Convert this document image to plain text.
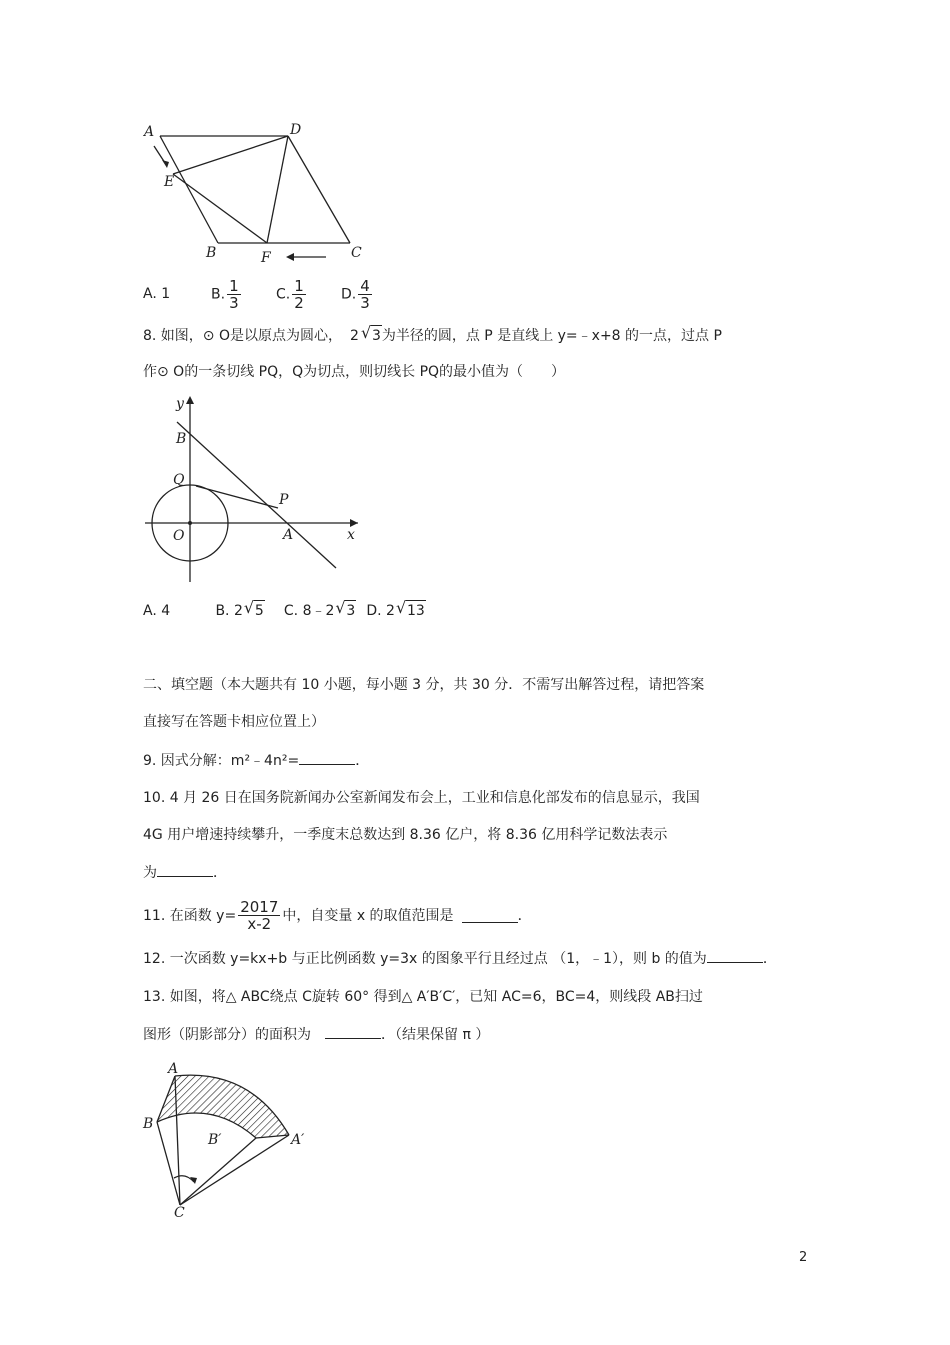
A	D
E
B	F	C
A. 1	B. $\frac{1}{3}$	C. $\frac{1}{2}$	D. $\frac{4}{3}$
8. 如图，⊙ O是以原点为圆心， 2 √ 3为半径的圆，点 P 是直线上 y=﹣x+8 的一点，过点 P
作⊙ O的一条切线 PQ，Q为切点，则切线长 PQ的最小值为（　　）
y
B
Q
P
O	A	x
A. 4	B. 2 √ 5 C. 8﹣2 √ 3 D. 2 √ 13
二、填空题（本大题共有 10 小题，每小题 3 分，共 30 分．不需写出解答过程，请把答案
直接写在答题卡相应位置上）
9. 因式分解：m²﹣4n²=	．
10. 4 月 26 日在国务院新闻办公室新闻发布会上，工业和信息化部发布的信息显示，我国
4G 用户增速持续攀升，一季度末总数达到 8.36 亿户，将 8.36 亿用科学记数法表示
为	．
11. 在函数 $y= \frac{2017}{x-2}$ 中，自变量 x 的取值范围是	．
12. 一次函数 y=kx+b 与正比例函数 y=3x 的图象平行且经过点 （1，﹣1），则 b 的值为	．
13. 如图，将△ ABC绕点 C旋转 60° 得到△ A′B′C′，已知 AC=6，BC=4，则线段 AB扫过
图形（阴影部分）的面积为	．（结果保留 π ）
A
B
B′	A′
C
2
